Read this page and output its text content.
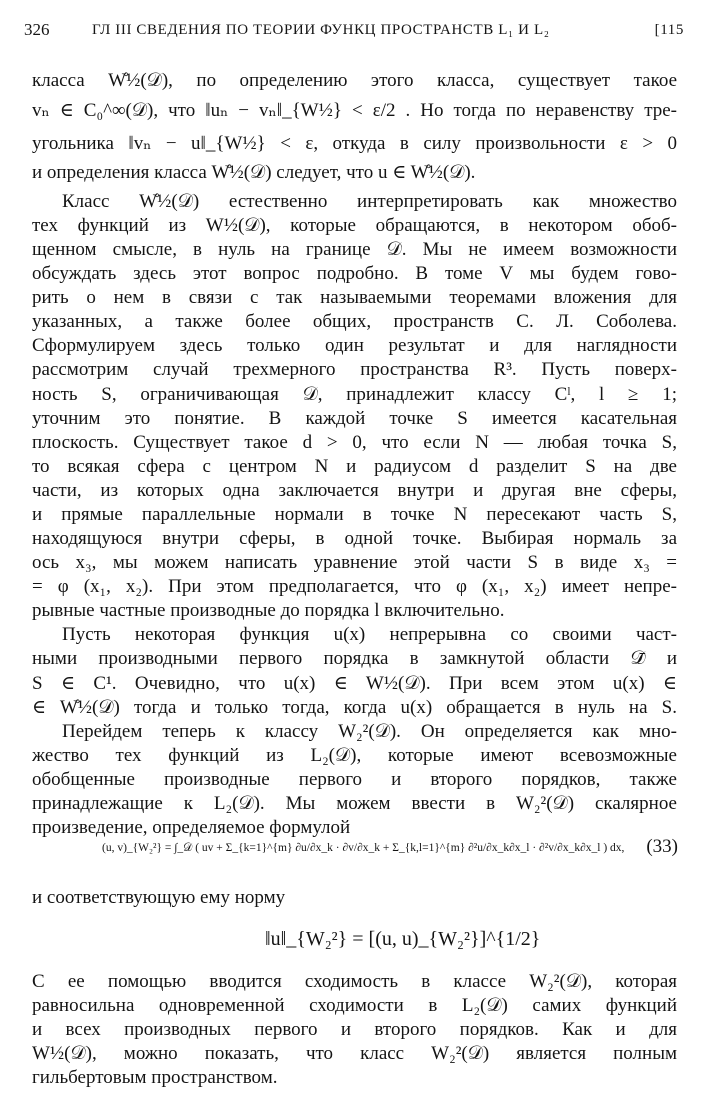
326	ГЛ III СВЕДЕНИЯ ПО ТЕОРИИ ФУНКЦ ПРОСТРАНСТВ L₁ И L₂	[115
класса W̊½(𝒟), по определению этого класса, существует такое
vₙ ∈ C₀^∞(𝒟), что ‖uₙ − vₙ‖_{W½} < ε/2 . Но тогда по неравенству тре-
угольника ‖vₙ − u‖_{W½} < ε, откуда в силу произвольности ε > 0
и определения класса W̊½(𝒟) следует, что u ∈ W̊½(𝒟).
Класс W̊½(𝒟) естественно интерпретировать как множество
тех функций из W½(𝒟), которые обращаются, в некотором обоб-
щенном смысле, в нуль на границе 𝒟. Мы не имеем возможности
обсуждать здесь этот вопрос подробно. В томе V мы будем гово-
рить о нем в связи с так называемыми теоремами вложения для
указанных, а также более общих, пространств С. Л. Соболева.
Сформулируем здесь только один результат и для наглядности
рассмотрим случай трехмерного пространства R³. Пусть поверх-
ность S, ограничивающая 𝒟, принадлежит классу Cˡ, l ≥ 1;
уточним это понятие. В каждой точке S имеется касательная
плоскость. Существует такое d > 0, что если N — любая точка S,
то всякая сфера с центром N и радиусом d разделит S на две
части, из которых одна заключается внутри и другая вне сферы,
и прямые параллельные нормали в точке N пересекают часть S,
находящуюся внутри сферы, в одной точке. Выбирая нормаль за
ось x₃, мы можем написать уравнение этой части S в виде x₃ =
= φ (x₁, x₂). При этом предполагается, что φ (x₁, x₂) имеет непре-
рывные частные производные до порядка l включительно.
Пусть некоторая функция u(x) непрерывна со своими част-
ными производными первого порядка в замкнутой области 𝒟̄ и
S ∈ C¹. Очевидно, что u(x) ∈ W½(𝒟). При всем этом u(x) ∈
∈ W̊½(𝒟) тогда и только тогда, когда u(x) обращается в нуль на S.
Перейдем теперь к классу W₂²(𝒟). Он определяется как мно-
жество тех функций из L₂(𝒟), которые имеют всевозможные
обобщенные производные первого и второго порядков, также
принадлежащие к L₂(𝒟). Мы можем ввести в W₂²(𝒟) скалярное
произведение, определяемое формулой
(u, v)_{W₂²} = ∫_𝒟 ( uv + Σ_{k=1}^{m} ∂u/∂x_k · ∂v/∂x_k + Σ_{k,l=1}^{m} ∂²u/∂x_k∂x_l · ∂²v/∂x_k∂x_l ) dx, (33)
и соответствующую ему норму
‖u‖_{W₂²} = [(u, u)_{W₂²}]^{1/2}
С ее помощью вводится сходимость в классе W₂²(𝒟), которая
равносильна одновременной сходимости в L₂(𝒟) самих функций
и всех производных первого и второго порядков. Как и для
W½(𝒟), можно показать, что класс W₂²(𝒟) является полным
гильбертовым пространством.
